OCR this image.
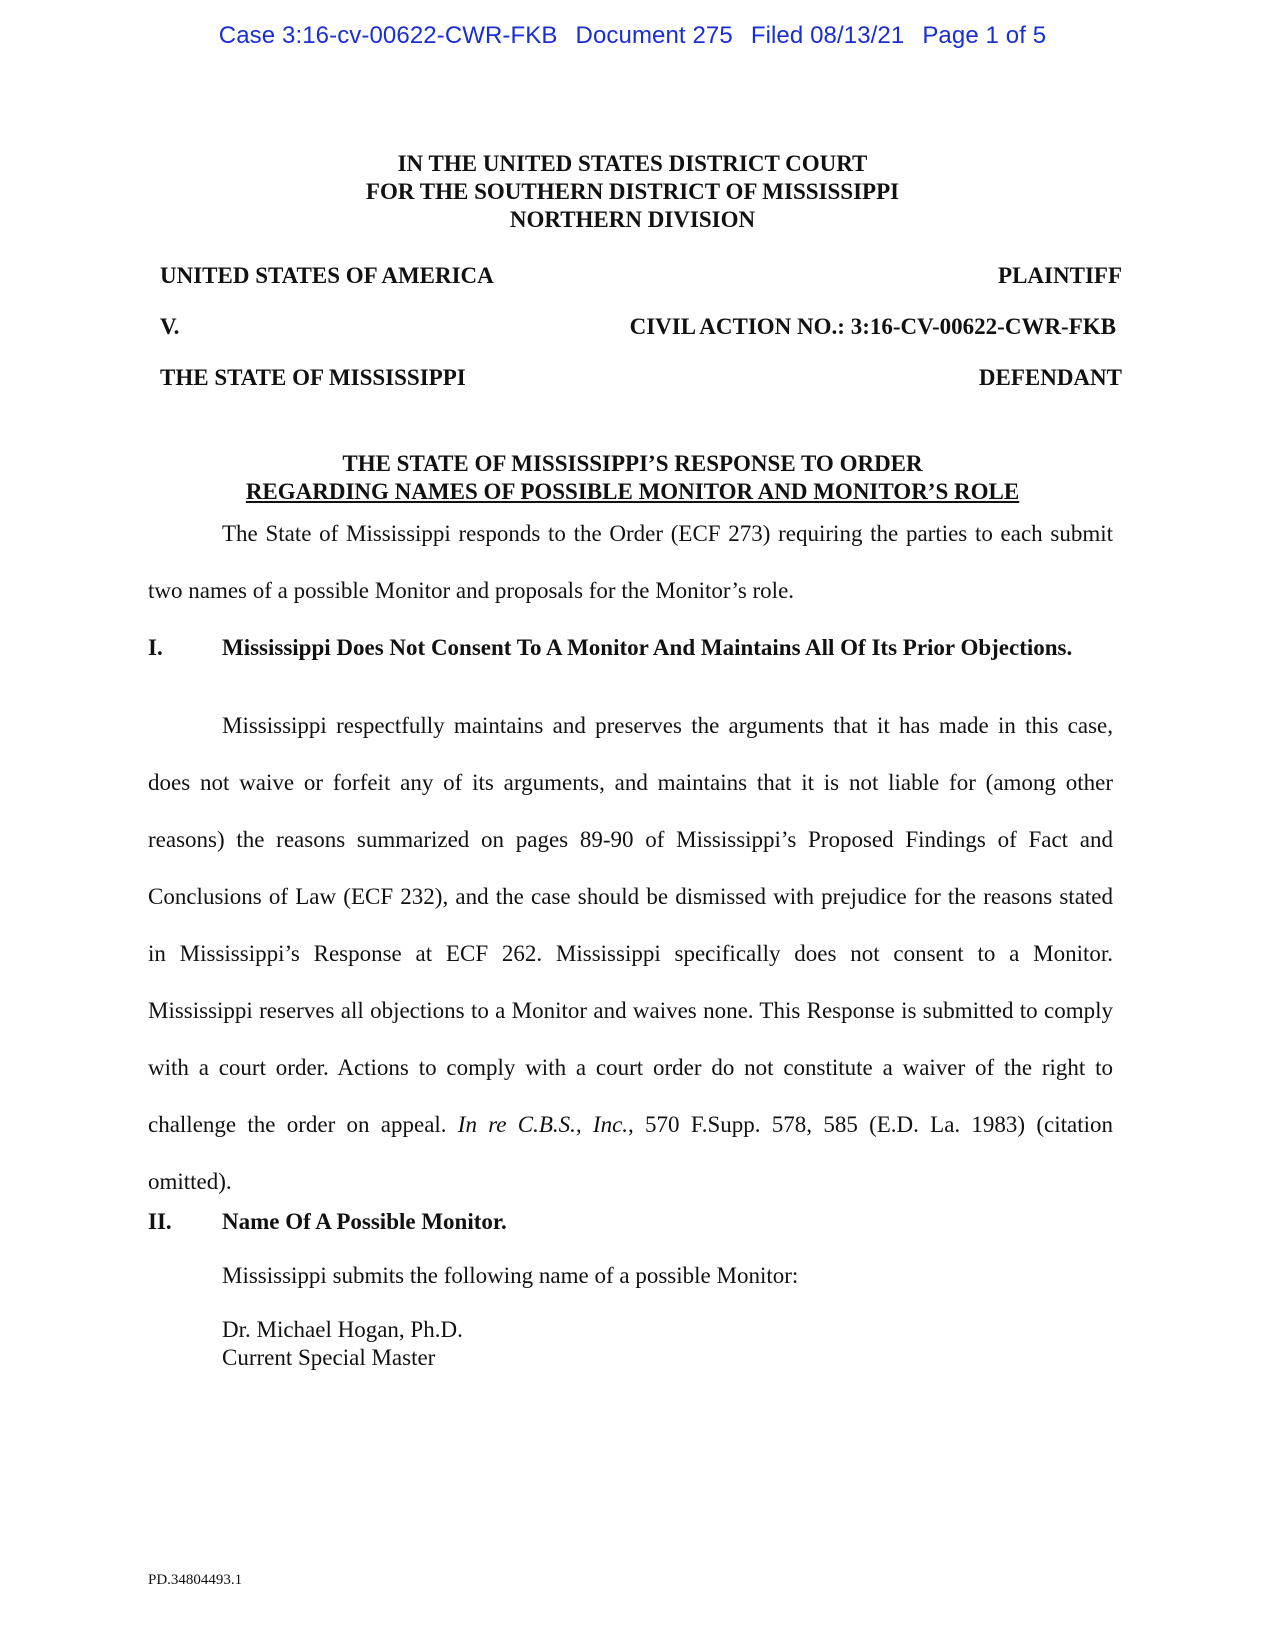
Case 3:16-cv-00622-CWR-FKB Document 275 Filed 08/13/21 Page 1 of 5
IN THE UNITED STATES DISTRICT COURT
FOR THE SOUTHERN DISTRICT OF MISSISSIPPI
NORTHERN DIVISION
UNITED STATES OF AMERICA	PLAINTIFF
V.	CIVIL ACTION NO.: 3:16-CV-00622-CWR-FKB
THE STATE OF MISSISSIPPI	DEFENDANT
THE STATE OF MISSISSIPPI’S RESPONSE TO ORDER
REGARDING NAMES OF POSSIBLE MONITOR AND MONITOR’S ROLE
The State of Mississippi responds to the Order (ECF 273) requiring the parties to each submit two names of a possible Monitor and proposals for the Monitor’s role.
I.	Mississippi Does Not Consent To A Monitor And Maintains All Of Its Prior Objections.
Mississippi respectfully maintains and preserves the arguments that it has made in this case, does not waive or forfeit any of its arguments, and maintains that it is not liable for (among other reasons) the reasons summarized on pages 89-90 of Mississippi’s Proposed Findings of Fact and Conclusions of Law (ECF 232), and the case should be dismissed with prejudice for the reasons stated in Mississippi’s Response at ECF 262. Mississippi specifically does not consent to a Monitor. Mississippi reserves all objections to a Monitor and waives none. This Response is submitted to comply with a court order. Actions to comply with a court order do not constitute a waiver of the right to challenge the order on appeal. In re C.B.S., Inc., 570 F.Supp. 578, 585 (E.D. La. 1983) (citation omitted).
II. Name Of A Possible Monitor.
Mississippi submits the following name of a possible Monitor:
Dr. Michael Hogan, Ph.D.
Current Special Master
PD.34804493.1
